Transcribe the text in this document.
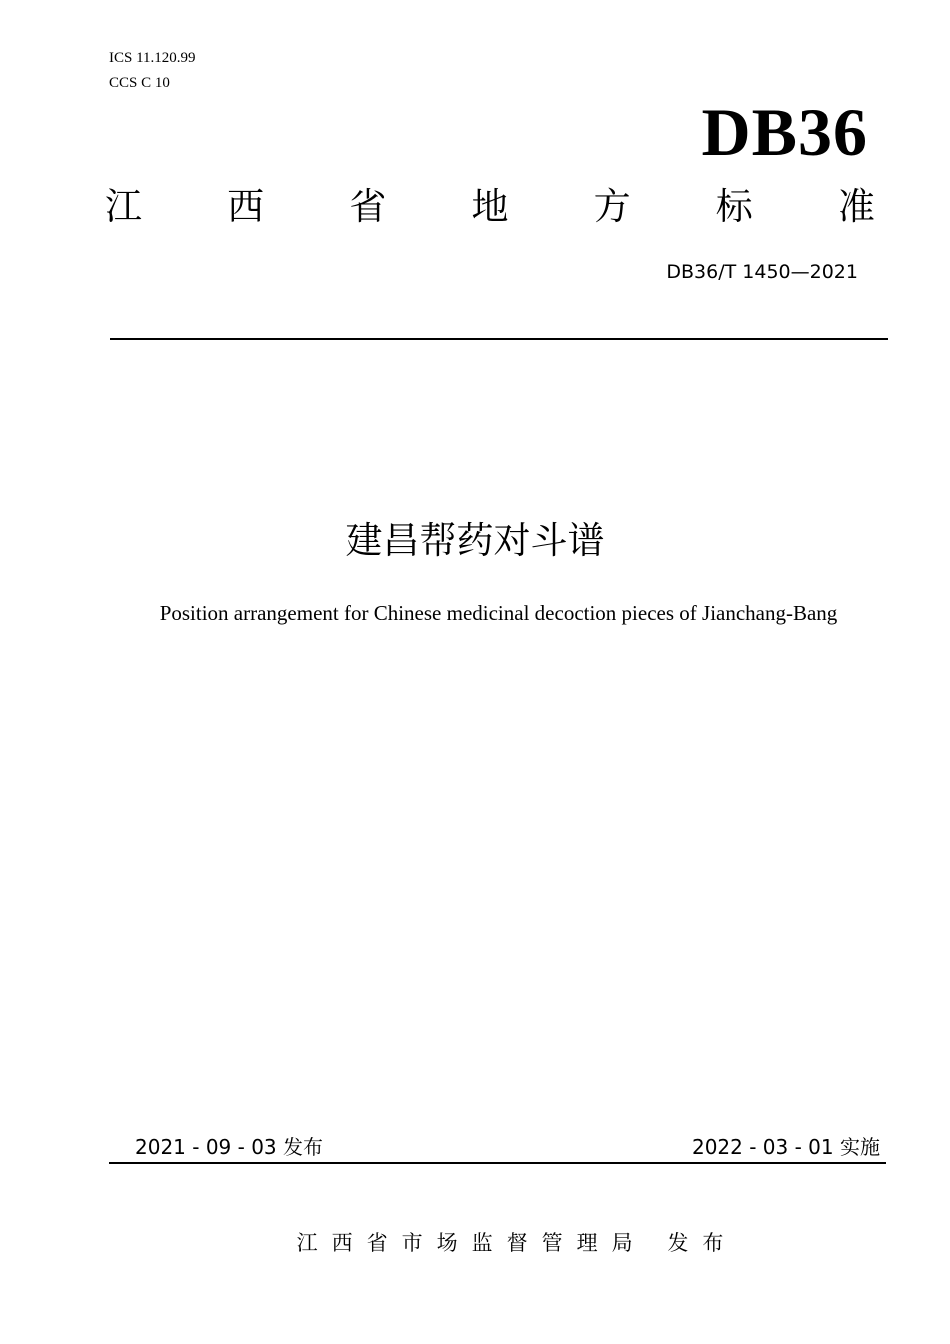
ICS 11.120.99
CCS C 10
DB36
江 西 省 地 方 标 准
DB36/T 1450—2021
建昌帮药对斗谱
Position arrangement for Chinese medicinal decoction pieces of Jianchang-Bang
2021 - 09 - 03 发布	2022 - 03 - 01 实施
江西省市场监督管理局 发布
